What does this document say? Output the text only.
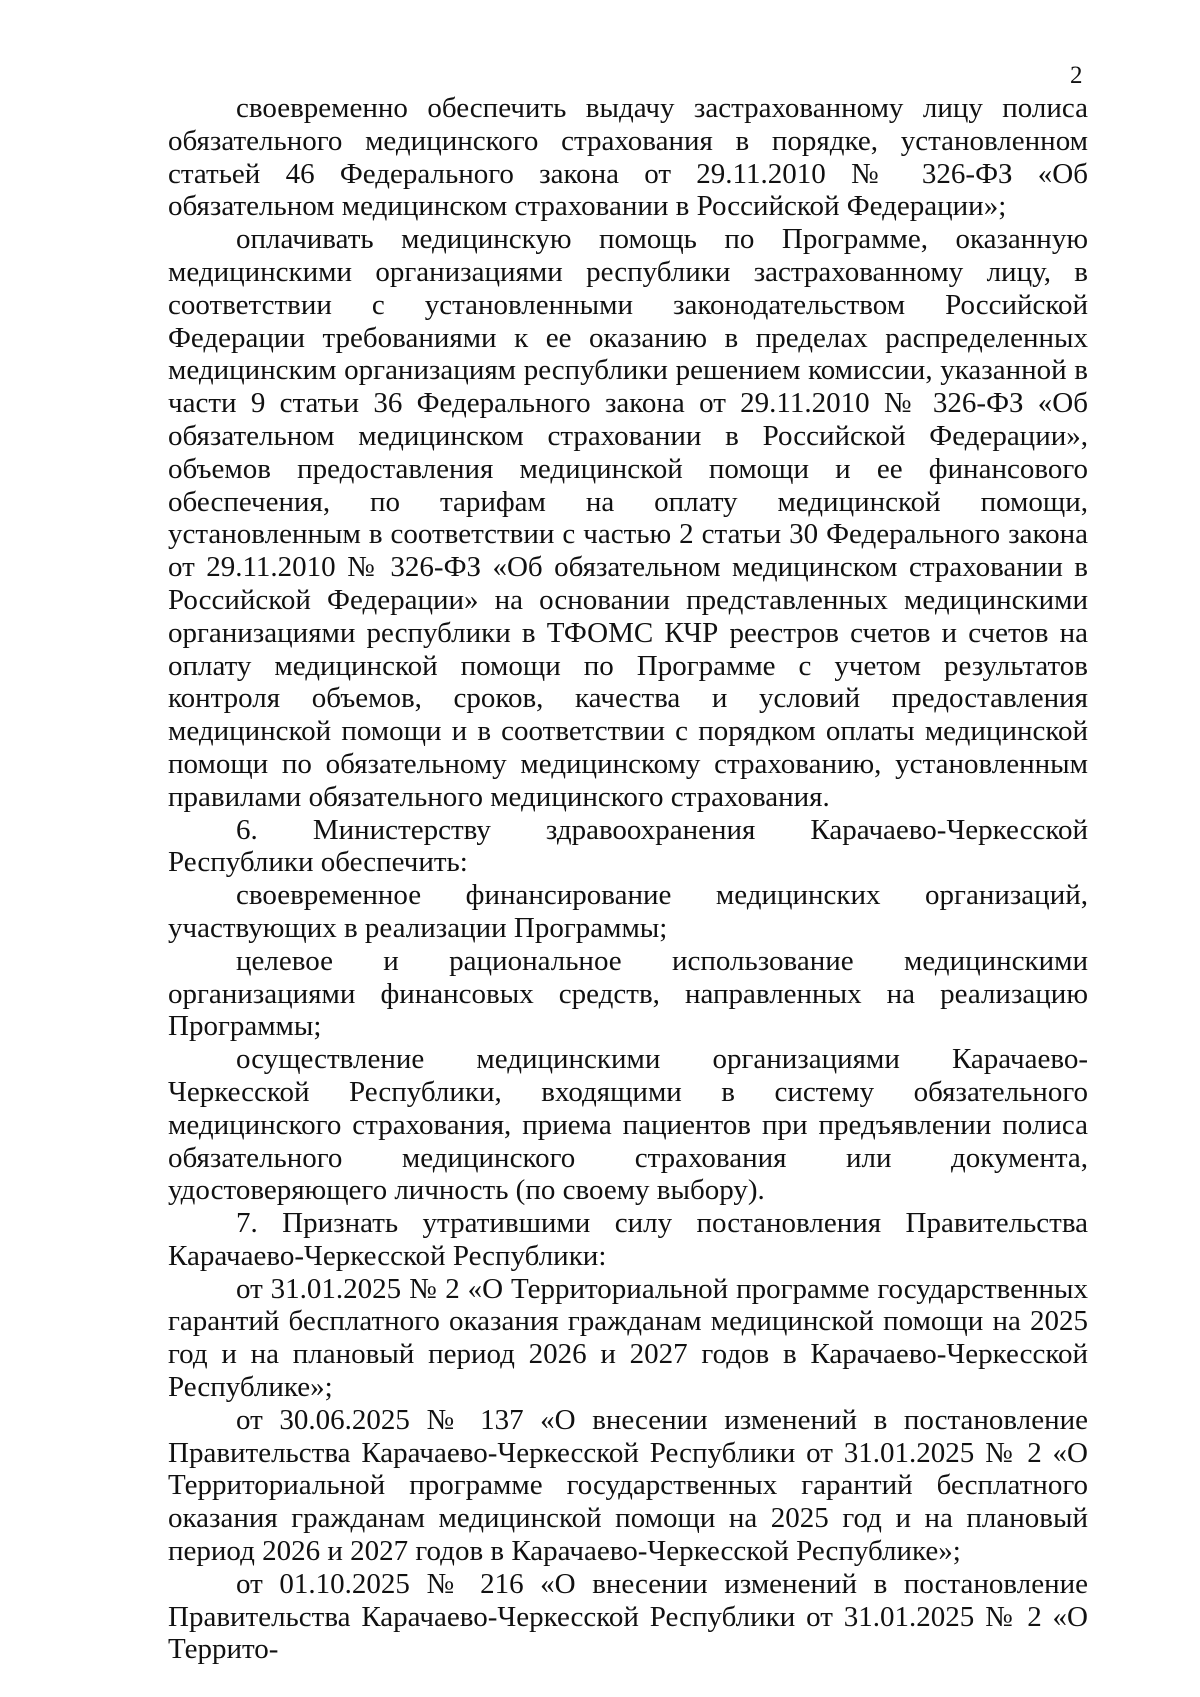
2

своевременно обеспечить выдачу застрахованному лицу полиса обязательного медицинского страхования в порядке, установленном статьей 46 Федерального закона от 29.11.2010 № 326-ФЗ «Об обязательном медицинском страховании в Российской Федерации»;

оплачивать медицинскую помощь по Программе, оказанную медицинскими организациями республики застрахованному лицу, в соответствии с установленными законодательством Российской Федерации требованиями к ее оказанию в пределах распределенных медицинским организациям республики решением комиссии, указанной в части 9 статьи 36 Федерального закона от 29.11.2010 № 326-ФЗ «Об обязательном медицинском страховании в Российской Федерации», объемов предоставления медицинской помощи и ее финансового обеспечения, по тарифам на оплату медицинской помощи, установленным в соответствии с частью 2 статьи 30 Федерального закона от 29.11.2010 № 326-ФЗ «Об обязательном медицинском страховании в Российской Федерации» на основании представленных медицинскими организациями республики в ТФОМС КЧР реестров счетов и счетов на оплату медицинской помощи по Программе с учетом результатов контроля объемов, сроков, качества и условий предоставления медицинской помощи и в соответствии с порядком оплаты медицинской помощи по обязательному медицинскому страхованию, установленным правилами обязательного медицинского страхования.

6. Министерству здравоохранения Карачаево-Черкесской Республики обеспечить:

своевременное финансирование медицинских организаций, участвующих в реализации Программы;

целевое и рациональное использование медицинскими организациями финансовых средств, направленных на реализацию Программы;

осуществление медицинскими организациями Карачаево-Черкесской Республики, входящими в систему обязательного медицинского страхования, приема пациентов при предъявлении полиса обязательного медицинского страхования или документа, удостоверяющего личность (по своему выбору).

7. Признать утратившими силу постановления Правительства Карачаево-Черкесской Республики:

от 31.01.2025 № 2 «О Территориальной программе государственных гарантий бесплатного оказания гражданам медицинской помощи на 2025 год и на плановый период 2026 и 2027 годов в Карачаево-Черкесской Республике»;

от 30.06.2025 № 137 «О внесении изменений в постановление Правительства Карачаево-Черкесской Республики от 31.01.2025 № 2 «О Территориальной программе государственных гарантий бесплатного оказания гражданам медицинской помощи на 2025 год и на плановый период 2026 и 2027 годов в Карачаево-Черкесской Республике»;

от 01.10.2025 № 216 «О внесении изменений в постановление Правительства Карачаево-Черкесской Республики от 31.01.2025 № 2 «О Террито-
